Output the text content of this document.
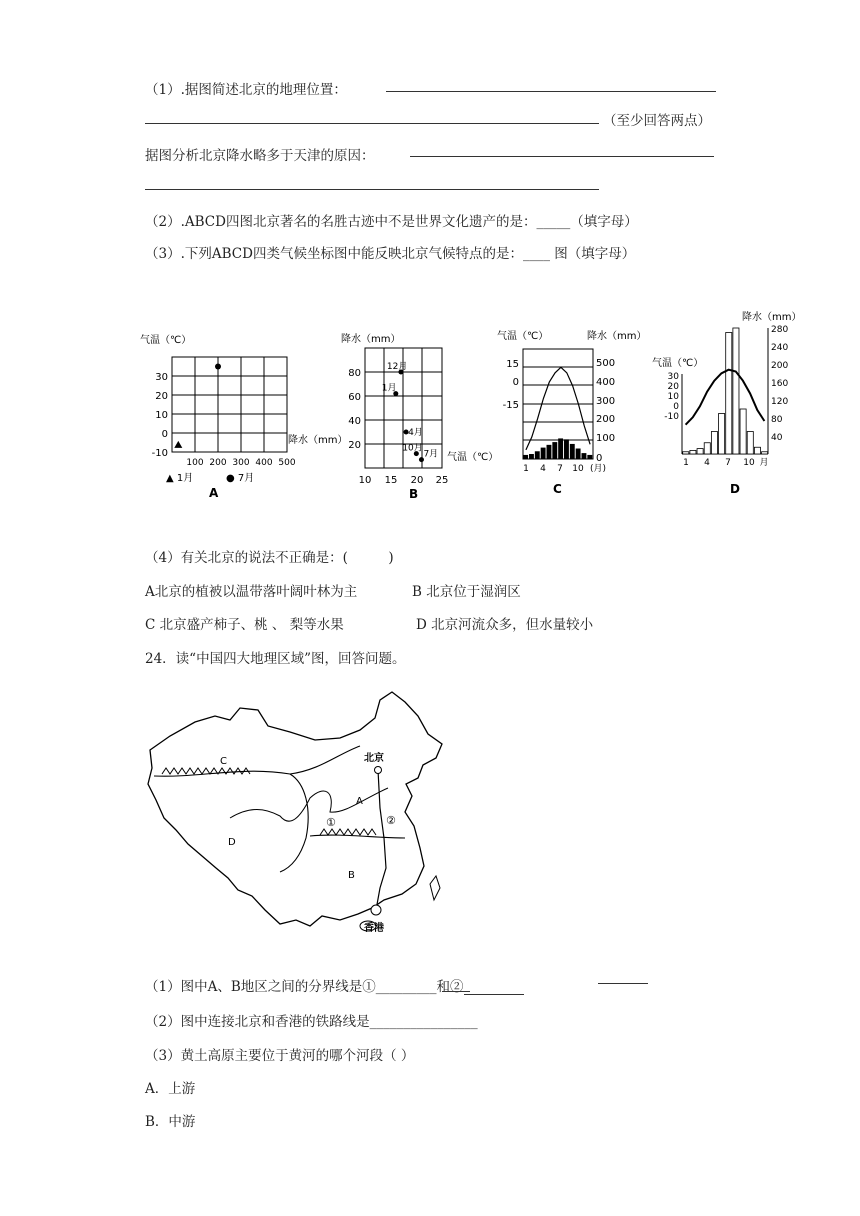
（1）.据图简述北京的地理位置：
（至少回答两点）
据图分析北京降水略多于天津的原因：
（2）.ABCD四图北京著名的名胜古迹中不是世界文化遗产的是：_____（填字母）
（3）.下列ABCD四类气候坐标图中能反映北京气候特点的是：____ 图（填字母）
气温（℃）
30
20
10
0
-10
100 200 300 400 500
降水（mm）
▲ 1月	● 7月
A
降水（mm）
80
60
40
20
10 15 20 25
气温（℃）
12月
1月
4月
10月
7月
B
气温（℃）	降水（mm）
15
0
-15
500
400
300
200
100
0
1 4 7 10 (月)
C
降水（mm）
气温（℃）
30
20
10
0
-10
280
240
200
160
120
80
40
1 4 7 10 月
D
（4）有关北京的说法不正确是：(　　　)
A北京的植被以温带落叶阔叶林为主	B 北京位于湿润区
C 北京盛产柿子、桃 、 梨等水果	D 北京河流众多，但水量较小
24．读“中国四大地理区域”图，回答问题。
北京
香港
C
D
A
B
①	②
（1）图中A、B地区之间的分界线是①_________和②
（2）图中连接北京和香港的铁路线是________________
（3）黄土高原主要位于黄河的哪个河段（ ）
A．上游
B．中游
